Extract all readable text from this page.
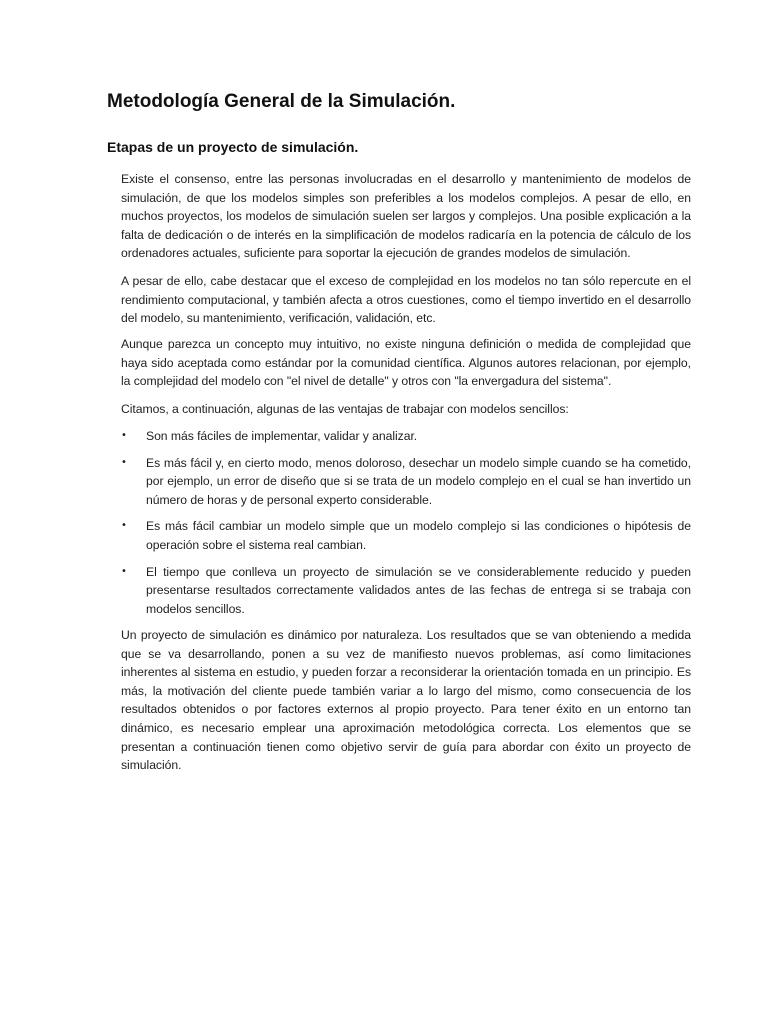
Metodología General de la Simulación.
Etapas de un proyecto de simulación.

Existe el consenso, entre las personas involucradas en el desarrollo y mantenimiento de modelos de simulación, de que los modelos simples son preferibles a los modelos complejos. A pesar de ello, en muchos proyectos, los modelos de simulación suelen ser largos y complejos. Una posible explicación a la falta de dedicación o de interés en la simplificación de modelos radicaría en la potencia de cálculo de los ordenadores actuales, suficiente para soportar la ejecución de grandes modelos de simulación.

A pesar de ello, cabe destacar que el exceso de complejidad en los modelos no tan sólo repercute en el rendimiento computacional, y también afecta a otros cuestiones, como el tiempo invertido en el desarrollo del modelo, su mantenimiento, verificación, validación, etc.

Aunque parezca un concepto muy intuitivo, no existe ninguna definición o medida de complejidad que haya sido aceptada como estándar por la comunidad científica. Algunos autores relacionan, por ejemplo, la complejidad del modelo con "el nivel de detalle" y otros con "la envergadura del sistema".

Citamos, a continuación, algunas de las ventajas de trabajar con modelos sencillos:

• Son más fáciles de implementar, validar y analizar.
• Es más fácil y, en cierto modo, menos doloroso, desechar un modelo simple cuando se ha cometido, por ejemplo, un error de diseño que si se trata de un modelo complejo en el cual se han invertido un número de horas y de personal experto considerable.
• Es más fácil cambiar un modelo simple que un modelo complejo si las condiciones o hipótesis de operación sobre el sistema real cambian.
• El tiempo que conlleva un proyecto de simulación se ve considerablemente reducido y pueden presentarse resultados correctamente validados antes de las fechas de entrega si se trabaja con modelos sencillos.

Un proyecto de simulación es dinámico por naturaleza. Los resultados que se van obteniendo a medida que se va desarrollando, ponen a su vez de manifiesto nuevos problemas, así como limitaciones inherentes al sistema en estudio, y pueden forzar a reconsiderar la orientación tomada en un principio. Es más, la motivación del cliente puede también variar a lo largo del mismo, como consecuencia de los resultados obtenidos o por factores externos al propio proyecto. Para tener éxito en un entorno tan dinámico, es necesario emplear una aproximación metodológica correcta. Los elementos que se presentan a continuación tienen como objetivo servir de guía para abordar con éxito un proyecto de simulación.
